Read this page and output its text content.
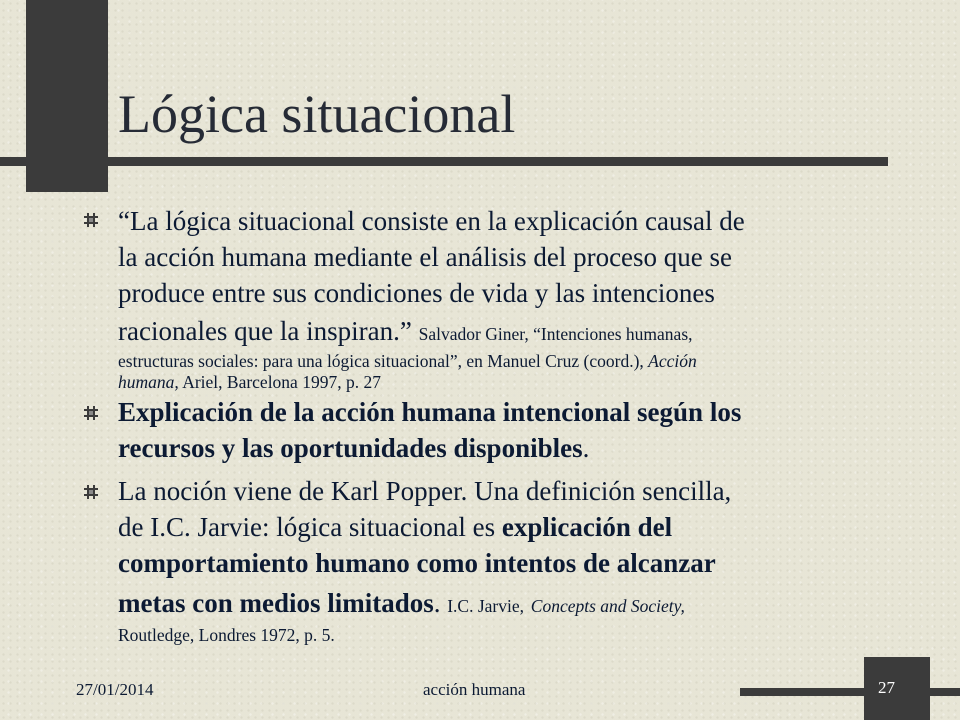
Lógica situacional
“La lógica situacional consiste en la explicación causal de
la acción humana mediante el análisis del proceso que se
produce entre sus condiciones de vida y las intenciones
racionales que la inspiran.” Salvador Giner, “Intenciones humanas,
estructuras sociales: para una lógica situacional”, en Manuel Cruz (coord.), Acción
humana, Ariel, Barcelona 1997, p. 27
Explicación de la acción humana intencional según los
recursos y las oportunidades disponibles.
La noción viene de Karl Popper. Una definición sencilla,
de I.C. Jarvie: lógica situacional es explicación del
comportamiento humano como intentos de alcanzar
metas con medios limitados. I.C. Jarvie, Concepts and Society,
Routledge, Londres 1972, p. 5.
27/01/2014	acción humana	27
